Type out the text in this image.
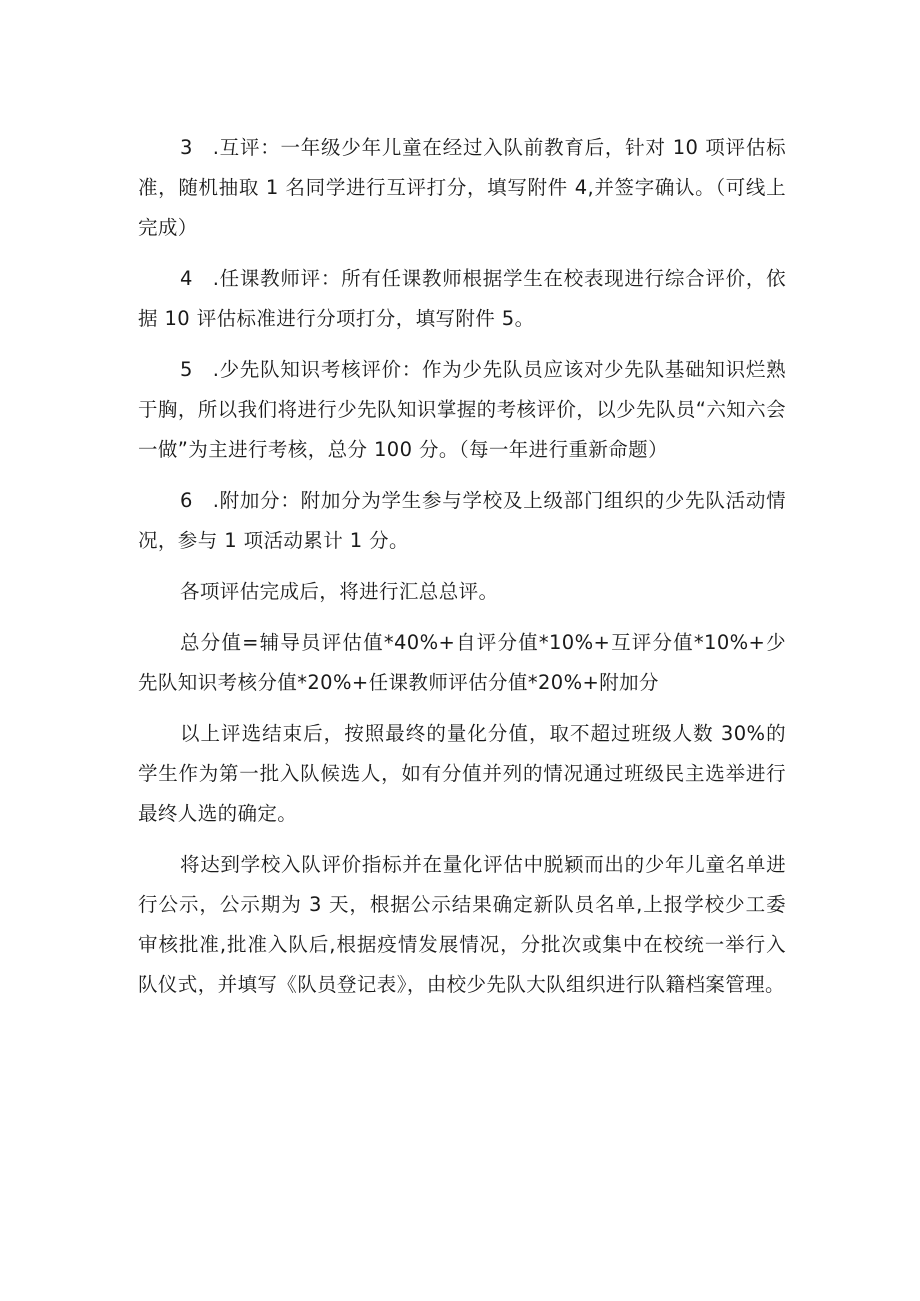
3 .互评：一年级少年儿童在经过入队前教育后，针对 10 项评估标准，随机抽取 1 名同学进行互评打分，填写附件 4,并签字确认。（可线上完成）

4 .任课教师评：所有任课教师根据学生在校表现进行综合评价，依据 10 评估标准进行分项打分，填写附件 5。

5 .少先队知识考核评价：作为少先队员应该对少先队基础知识烂熟于胸，所以我们将进行少先队知识掌握的考核评价，以少先队员“六知六会一做”为主进行考核，总分 100 分。（每一年进行重新命题）

6 .附加分：附加分为学生参与学校及上级部门组织的少先队活动情况，参与 1 项活动累计 1 分。

各项评估完成后，将进行汇总总评。

总分值=辅导员评估值*40%+自评分值*10%+互评分值*10%+少先队知识考核分值*20%+任课教师评估分值*20%+附加分

以上评选结束后，按照最终的量化分值，取不超过班级人数 30%的学生作为第一批入队候选人，如有分值并列的情况通过班级民主选举进行最终人选的确定。

将达到学校入队评价指标并在量化评估中脱颖而出的少年儿童名单进行公示，公示期为 3 天，根据公示结果确定新队员名单,上报学校少工委审核批准,批准入队后,根据疫情发展情况，分批次或集中在校统一举行入队仪式，并填写《队员登记表》，由校少先队大队组织进行队籍档案管理。
